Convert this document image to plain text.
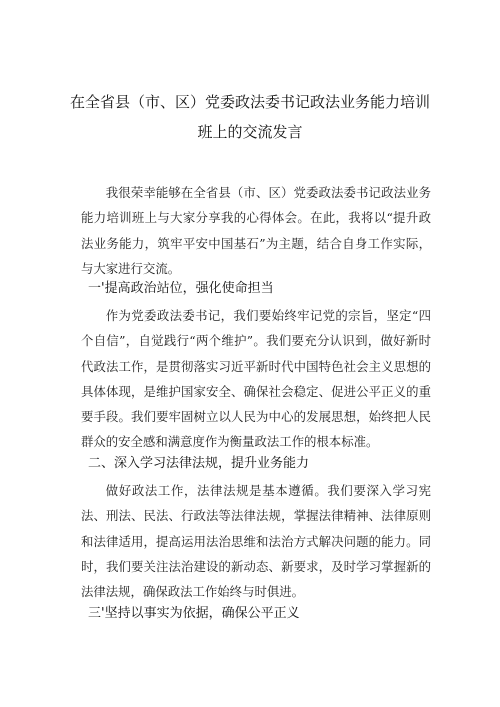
在全省县（市、区）党委政法委书记政法业务能力培训
班上的交流发言

我很荣幸能够在全省县（市、区）党委政法委书记政法业务能力培训班上与大家分享我的心得体会。在此，我将以“提升政法业务能力，筑牢平安中国基石”为主题，结合自身工作实际，与大家进行交流。

一'提高政治站位，强化使命担当

作为党委政法委书记，我们要始终牢记党的宗旨，坚定“四个自信”，自觉践行“两个维护”。我们要充分认识到，做好新时代政法工作，是贯彻落实习近平新时代中国特色社会主义思想的具体体现，是维护国家安全、确保社会稳定、促进公平正义的重要手段。我们要牢固树立以人民为中心的发展思想，始终把人民群众的安全感和满意度作为衡量政法工作的根本标准。

二、深入学习法律法规，提升业务能力

做好政法工作，法律法规是基本遵循。我们要深入学习宪法、刑法、民法、行政法等法律法规，掌握法律精神、法律原则和法律适用，提高运用法治思维和法治方式解决问题的能力。同时，我们要关注法治建设的新动态、新要求，及时学习掌握新的法律法规，确保政法工作始终与时俱进。

三'坚持以事实为依据，确保公平正义
